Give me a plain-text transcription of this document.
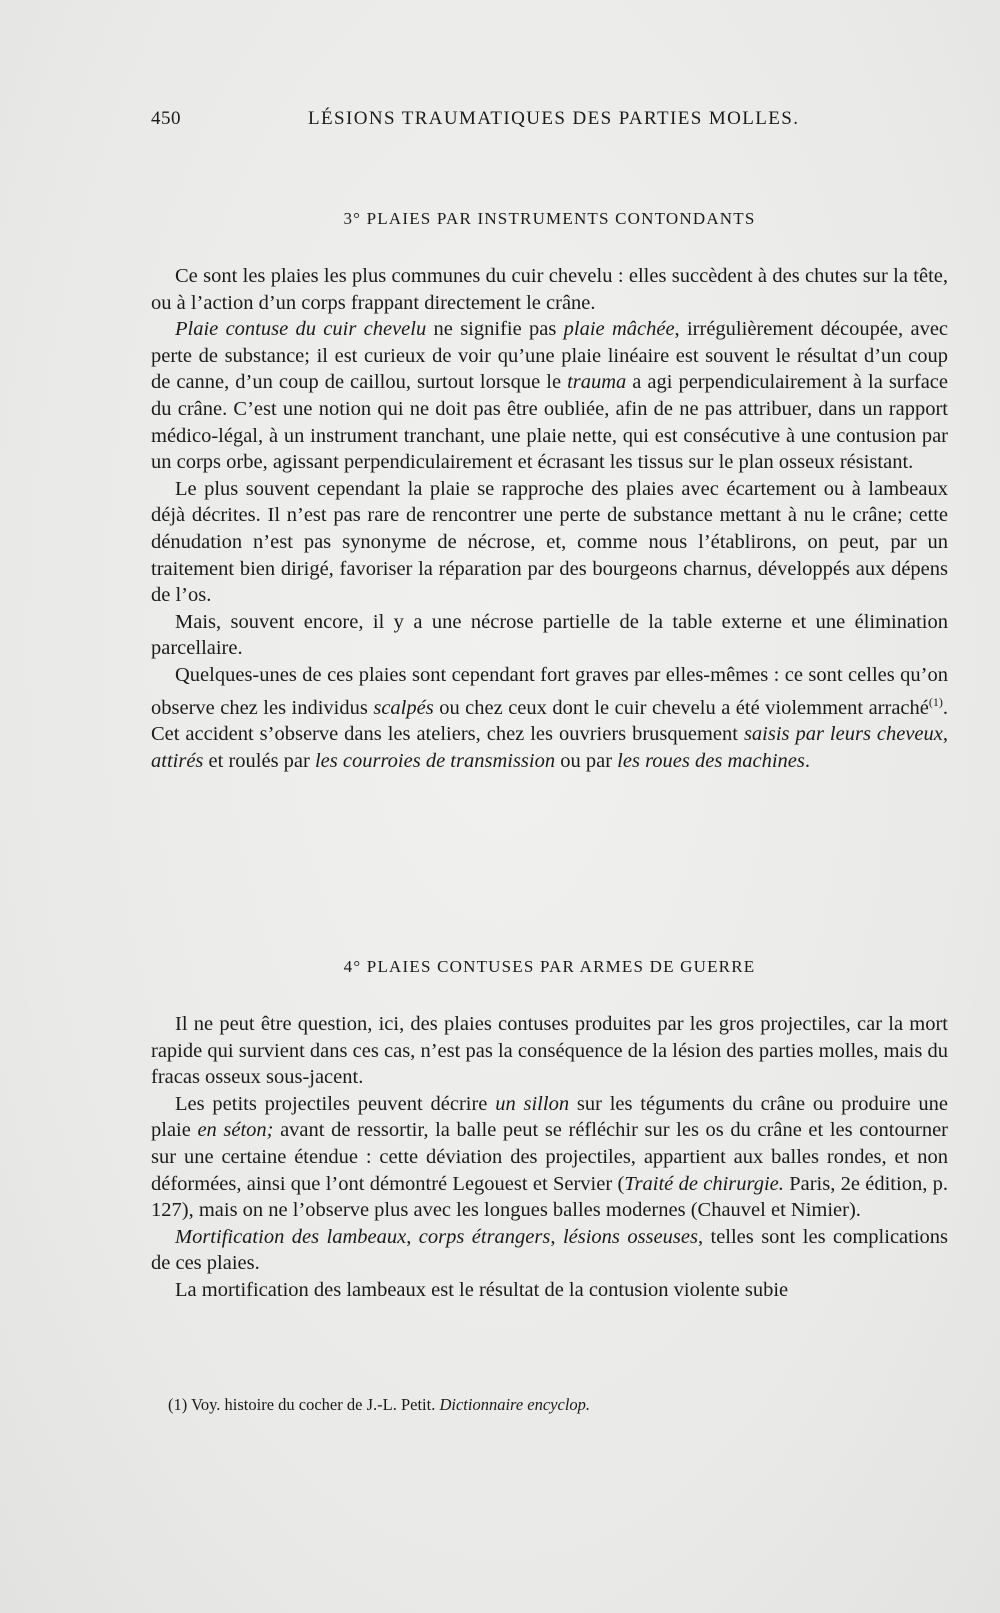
450	LÉSIONS TRAUMATIQUES DES PARTIES MOLLES.
3° PLAIES PAR INSTRUMENTS CONTONDANTS

Ce sont les plaies les plus communes du cuir chevelu : elles succèdent à des chutes sur la tête, ou à l’action d’un corps frappant directement le crâne.

Plaie contuse du cuir chevelu ne signifie pas plaie mâchée, irrégulièrement découpée, avec perte de substance; il est curieux de voir qu’une plaie linéaire est souvent le résultat d’un coup de canne, d’un coup de caillou, surtout lorsque le trauma a agi perpendiculairement à la surface du crâne. C’est une notion qui ne doit pas être oubliée, afin de ne pas attribuer, dans un rapport médico-légal, à un instrument tranchant, une plaie nette, qui est consécutive à une contusion par un corps orbe, agissant perpendiculairement et écrasant les tissus sur le plan osseux résistant.

Le plus souvent cependant la plaie se rapproche des plaies avec écartement ou à lambeaux déjà décrites. Il n’est pas rare de rencontrer une perte de substance mettant à nu le crâne; cette dénudation n’est pas synonyme de nécrose, et, comme nous l’établirons, on peut, par un traitement bien dirigé, favoriser la réparation par des bourgeons charnus, développés aux dépens de l’os.

Mais, souvent encore, il y a une nécrose partielle de la table externe et une élimination parcellaire.

Quelques-unes de ces plaies sont cependant fort graves par elles-mêmes : ce sont celles qu’on observe chez les individus scalpés ou chez ceux dont le cuir chevelu a été violemment arraché$^{(1)}$. Cet accident s’observe dans les ateliers, chez les ouvriers brusquement saisis par leurs cheveux, attirés et roulés par les courroies de transmission ou par les roues des machines.

4° PLAIES CONTUSES PAR ARMES DE GUERRE

Il ne peut être question, ici, des plaies contuses produites par les gros projectiles, car la mort rapide qui survient dans ces cas, n’est pas la conséquence de la lésion des parties molles, mais du fracas osseux sous-jacent.

Les petits projectiles peuvent décrire un sillon sur les téguments du crâne ou produire une plaie en séton; avant de ressortir, la balle peut se réfléchir sur les os du crâne et les contourner sur une certaine étendue : cette déviation des projectiles, appartient aux balles rondes, et non déformées, ainsi que l’ont démontré Legouest et Servier (Traité de chirurgie. Paris, 2e édition, p. 127), mais on ne l’observe plus avec les longues balles modernes (Chauvel et Nimier).

Mortification des lambeaux, corps étrangers, lésions osseuses, telles sont les complications de ces plaies.

La mortification des lambeaux est le résultat de la contusion violente subie

(1) Voy. histoire du cocher de J.-L. Petit. Dictionnaire encyclop.
